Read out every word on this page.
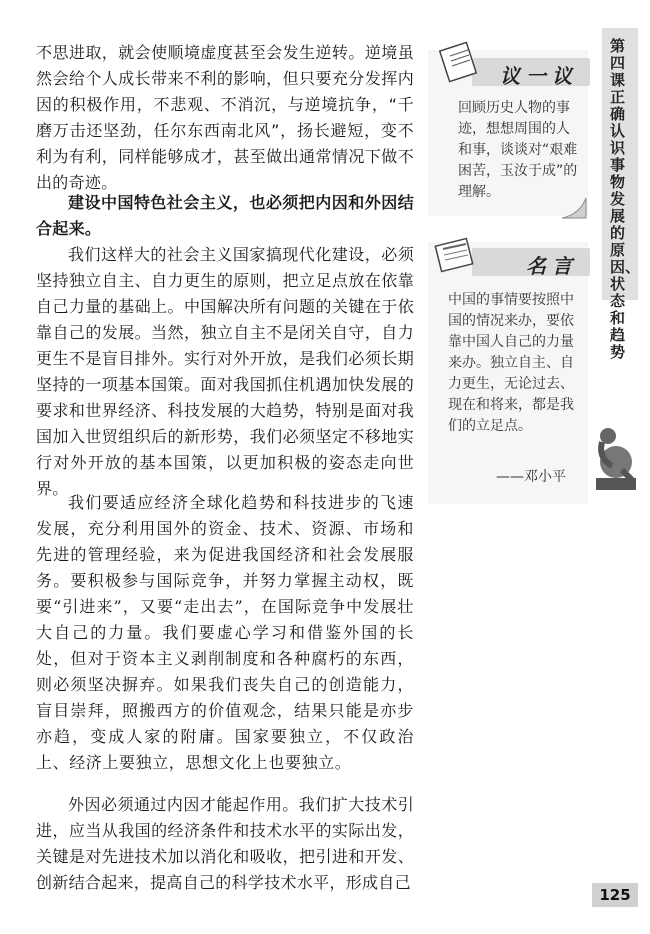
不思进取，就会使顺境虚度甚至会发生逆转。逆境虽然会给个人成长带来不利的影响，但只要充分发挥内因的积极作用，不悲观、不消沉，与逆境抗争，“千磨万击还坚劲，任尔东西南北风”，扬长避短，变不利为有利，同样能够成才，甚至做出通常情况下做不出的奇迹。

建设中国特色社会主义，也必须把内因和外因结合起来。

我们这样大的社会主义国家搞现代化建设，必须坚持独立自主、自力更生的原则，把立足点放在依靠自己力量的基础上。中国解决所有问题的关键在于依靠自己的发展。当然，独立自主不是闭关自守，自力更生不是盲目排外。实行对外开放，是我们必须长期坚持的一项基本国策。面对我国抓住机遇加快发展的要求和世界经济、科技发展的大趋势，特别是面对我国加入世贸组织后的新形势，我们必须坚定不移地实行对外开放的基本国策，以更加积极的姿态走向世界。

我们要适应经济全球化趋势和科技进步的飞速发展，充分利用国外的资金、技术、资源、市场和先进的管理经验，来为促进我国经济和社会发展服务。要积极参与国际竞争，并努力掌握主动权，既要“引进来”，又要“走出去”，在国际竞争中发展壮大自己的力量。我们要虚心学习和借鉴外国的长处，但对于资本主义剥削制度和各种腐朽的东西，则必须坚决摒弃。如果我们丧失自己的创造能力，盲目崇拜，照搬西方的价值观念，结果只能是亦步亦趋，变成人家的附庸。国家要独立，不仅政治上、经济上要独立，思想文化上也要独立。

外因必须通过内因才能起作用。我们扩大技术引进，应当从我国的经济条件和技术水平的实际出发，关键是对先进技术加以消化和吸收，把引进和开发、创新结合起来，提高自己的科学技术水平，形成自己

议一议

回顾历史人物的事迹，想想周围的人和事，谈谈对“艰难困苦，玉汝于成”的理解。

名言

中国的事情要按照中国的情况来办，要依靠中国人自己的力量来办。独立自主、自力更生，无论过去、现在和将来，都是我们的立足点。

——邓小平
第四课 正确认识事物发展的原因、状态和趋势
125
